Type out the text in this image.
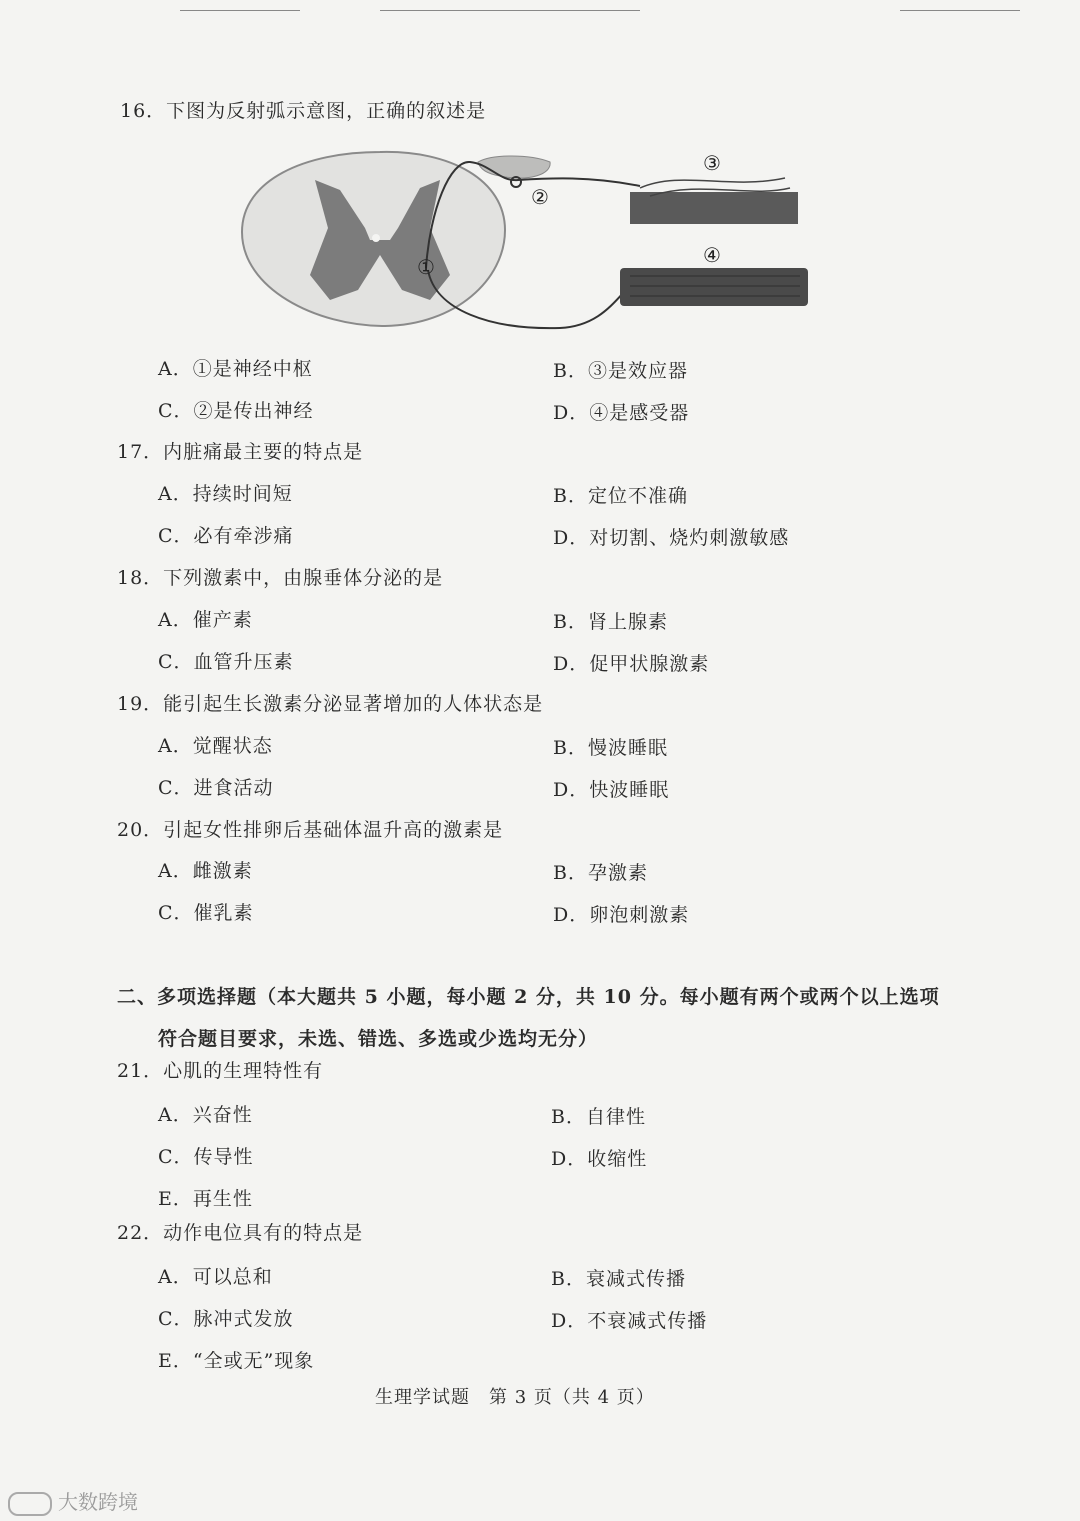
16．下图为反射弧示意图，正确的叙述是
①
②
③
④
A．①是神经中枢	B．③是效应器
C．②是传出神经	D．④是感受器
17．内脏痛最主要的特点是
A．持续时间短	B．定位不准确
C．必有牵涉痛	D．对切割、烧灼刺激敏感
18．下列激素中，由腺垂体分泌的是
A．催产素	B．肾上腺素
C．血管升压素	D．促甲状腺激素
19．能引起生长激素分泌显著增加的人体状态是
A．觉醒状态	B．慢波睡眠
C．进食活动	D．快波睡眠
20．引起女性排卵后基础体温升高的激素是
A．雌激素	B．孕激素
C．催乳素	D．卵泡刺激素
二、多项选择题（本大题共 5 小题，每小题 2 分，共 10 分。每小题有两个或两个以上选项
符合题目要求，未选、错选、多选或少选均无分）
21．心肌的生理特性有
A．兴奋性	B．自律性
C．传导性	D．收缩性
E．再生性
22．动作电位具有的特点是
A．可以总和	B．衰减式传播
C．脉冲式发放	D．不衰减式传播
E．“全或无”现象
生理学试题　第 3 页（共 4 页）
大数跨境
